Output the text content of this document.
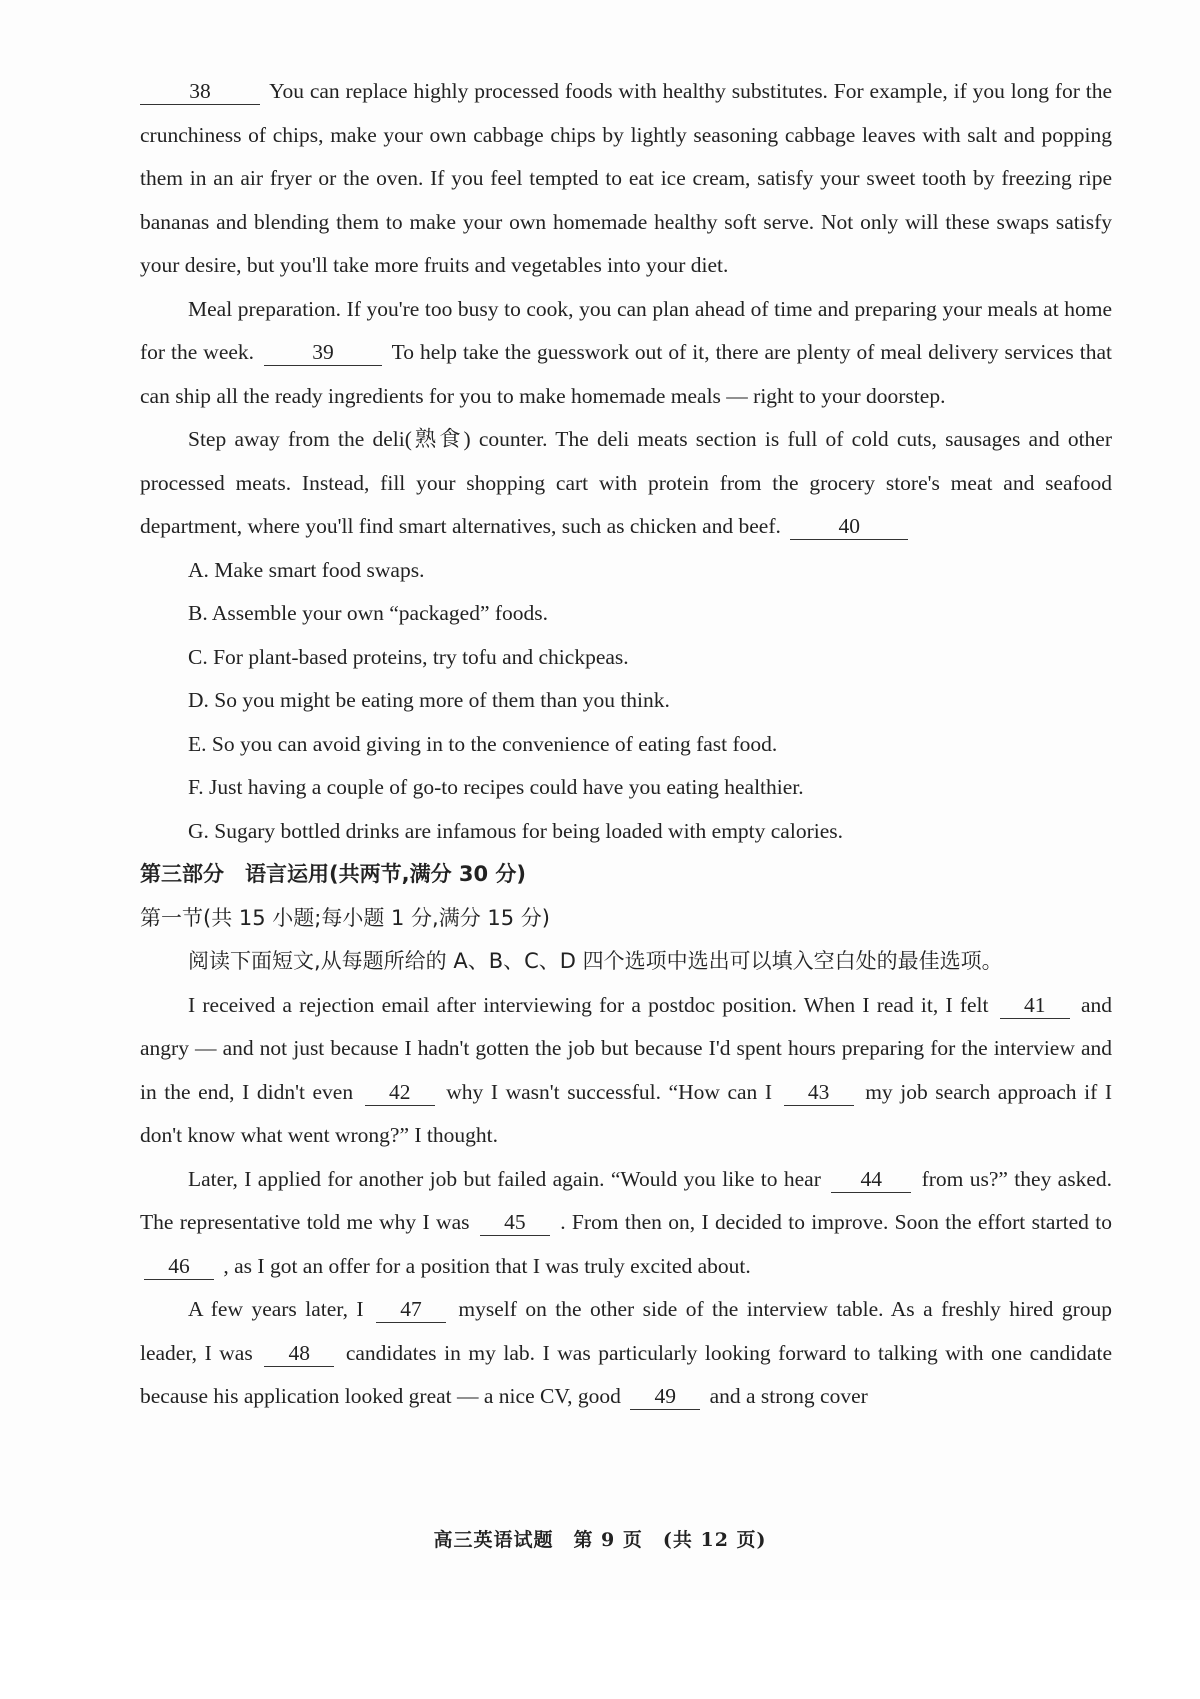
38	You can replace highly processed foods with healthy substitutes. For example, if you long for the crunchiness of chips, make your own cabbage chips by lightly seasoning cabbage leaves with salt and popping them in an air fryer or the oven. If you feel tempted to eat ice cream, satisfy your sweet tooth by freezing ripe bananas and blending them to make your own homemade healthy soft serve. Not only will these swaps satisfy your desire, but you'll take more fruits and vegetables into your diet.

Meal preparation. If you're too busy to cook, you can plan ahead of time and preparing your meals at home for the week.	39	To help take the guesswork out of it, there are plenty of meal delivery services that can ship all the ready ingredients for you to make homemade meals — right to your doorstep.

Step away from the deli(熟食) counter. The deli meats section is full of cold cuts, sausages and other processed meats. Instead, fill your shopping cart with protein from the grocery store's meat and seafood department, where you'll find smart alternatives, such as chicken and beef.	40

A. Make smart food swaps.

B. Assemble your own “packaged” foods.

C. For plant-based proteins, try tofu and chickpeas.

D. So you might be eating more of them than you think.

E. So you can avoid giving in to the convenience of eating fast food.

F. Just having a couple of go-to recipes could have you eating healthier.

G. Sugary bottled drinks are infamous for being loaded with empty calories.

第三部分　语言运用(共两节,满分 30 分)

第一节(共 15 小题;每小题 1 分,满分 15 分)

阅读下面短文,从每题所给的 A、B、C、D 四个选项中选出可以填入空白处的最佳选项。

I received a rejection email after interviewing for a postdoc position. When I read it, I felt 41 and angry — and not just because I hadn't gotten the job but because I'd spent hours preparing for the interview and in the end, I didn't even 42 why I wasn't successful. “How can I 43 my job search approach if I don't know what went wrong?” I thought.

Later, I applied for another job but failed again. “Would you like to hear 44 from us?” they asked. The representative told me why I was 45 . From then on, I decided to improve. Soon the effort started to 46 , as I got an offer for a position that I was truly excited about.

A few years later, I 47 myself on the other side of the interview table. As a freshly hired group leader, I was 48 candidates in my lab. I was particularly looking forward to talking with one candidate because his application looked great — a nice CV, good 49 and a strong cover

高三英语试题　第 9 页　(共 12 页)
